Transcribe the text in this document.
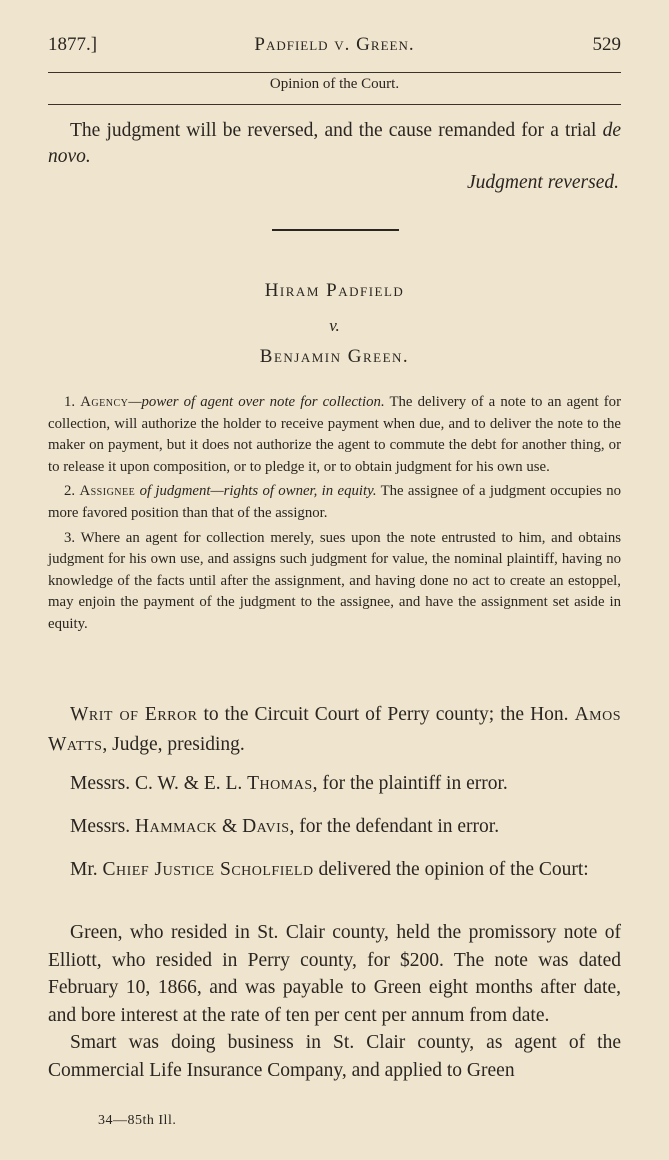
1877.]	Padfield v. Green.	529
Opinion of the Court.

The judgment will be reversed, and the cause remanded for a trial de novo.

Judgment reversed.

Hiram Padfield
v.
Benjamin Green.

1. Agency—power of agent over note for collection. The delivery of a note to an agent for collection, will authorize the holder to receive payment when due, and to deliver the note to the maker on payment, but it does not authorize the agent to commute the debt for another thing, or to release it upon composition, or to pledge it, or to obtain judgment for his own use.

2. Assignee of judgment—rights of owner, in equity. The assignee of a judgment occupies no more favored position than that of the assignor.

3. Where an agent for collection merely, sues upon the note entrusted to him, and obtains judgment for his own use, and assigns such judgment for value, the nominal plaintiff, having no knowledge of the facts until after the assignment, and having done no act to create an estoppel, may enjoin the payment of the judgment to the assignee, and have the assignment set aside in equity.

Writ of Error to the Circuit Court of Perry county; the Hon. Amos Watts, Judge, presiding.

Messrs. C. W. & E. L. Thomas, for the plaintiff in error.

Messrs. Hammack & Davis, for the defendant in error.

Mr. Chief Justice Scholfield delivered the opinion of the Court:

Green, who resided in St. Clair county, held the promissory note of Elliott, who resided in Perry county, for $200. The note was dated February 10, 1866, and was payable to Green eight months after date, and bore interest at the rate of ten per cent per annum from date.

Smart was doing business in St. Clair county, as agent of the Commercial Life Insurance Company, and applied to Green

34—85th Ill.
